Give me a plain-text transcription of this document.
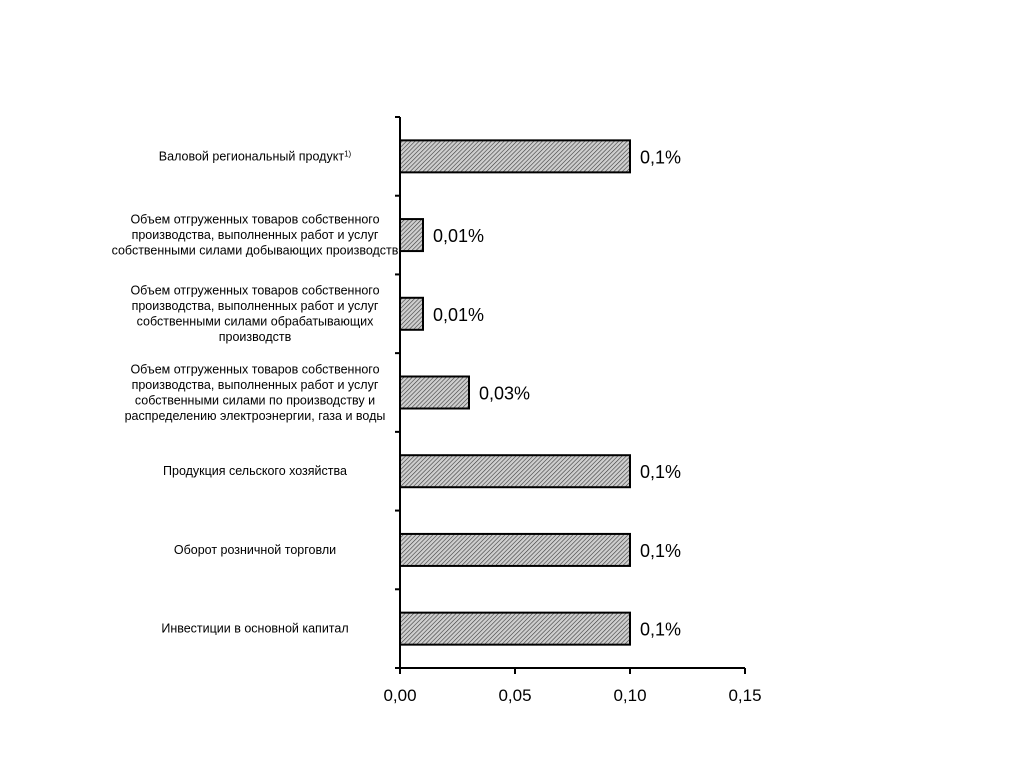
0,1%
0,01%
0,01%
0,03%
0,1%
0,1%
0,1%
Валовой региональный продукт$^{1)}$
Объем отгруженных товаров собственного
производства, выполненных работ и услуг
собственными силами добывающих производств
Объем отгруженных товаров собственного
производства, выполненных работ и услуг
собственными силами обрабатывающих
производств
Объем отгруженных товаров собственного
производства, выполненных работ и услуг
собственными силами по производству и
распределению электроэнергии, газа и воды
Продукция сельского хозяйства
Оборот розничной торговли
Инвестиции в основной капитал
0,00	0,05	0,10	0,15
